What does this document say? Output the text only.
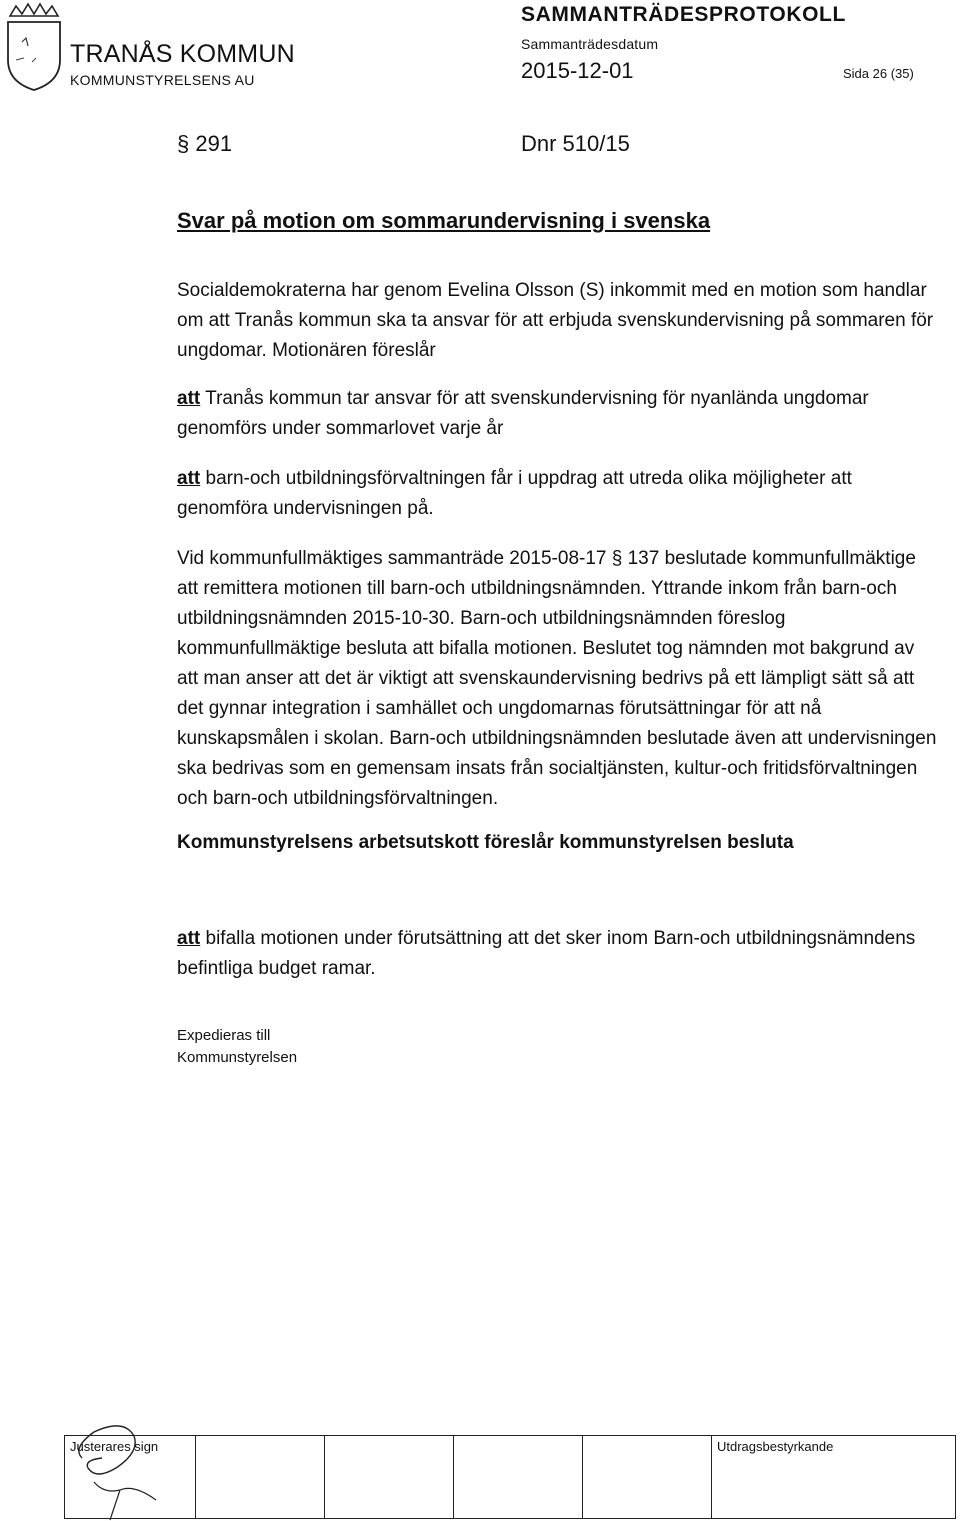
TRANÅS KOMMUN
KOMMUNSTYRELSENS AU
SAMMANTRÄDESPROTOKOLL
Sammanträdesdatum
2015-12-01	Sida 26 (35)
§ 291	Dnr 510/15
Svar på motion om sommarundervisning i svenska
Socialdemokraterna har genom Evelina Olsson (S) inkommit med en motion som handlar om att Tranås kommun ska ta ansvar för att erbjuda svenskundervisning på sommaren för ungdomar. Motionären föreslår
att Tranås kommun tar ansvar för att svenskundervisning för nyanlända ungdomar genomförs under sommarlovet varje år
att barn-och utbildningsförvaltningen får i uppdrag att utreda olika möjligheter att genomföra undervisningen på.
Vid kommunfullmäktiges sammanträde 2015-08-17 § 137 beslutade kommunfullmäktige att remittera motionen till barn-och utbildningsnämnden. Yttrande inkom från barn-och utbildningsnämnden 2015-10-30. Barn-och utbildningsnämnden föreslog kommunfullmäktige besluta att bifalla motionen. Beslutet tog nämnden mot bakgrund av att man anser att det är viktigt att svenskaundervisning bedrivs på ett lämpligt sätt så att det gynnar integration i samhället och ungdomarnas förutsättningar för att nå kunskapsmålen i skolan. Barn-och utbildningsnämnden beslutade även att undervisningen ska bedrivas som en gemensam insats från socialtjänsten, kultur-och fritidsförvaltningen och barn-och utbildningsförvaltningen.
Kommunstyrelsens arbetsutskott föreslår kommunstyrelsen besluta
att bifalla motionen under förutsättning att det sker inom Barn-och utbildningsnämndens befintliga budget ramar.
Expedieras till
Kommunstyrelsen
Justerares sign					Utdragsbestyrkande
